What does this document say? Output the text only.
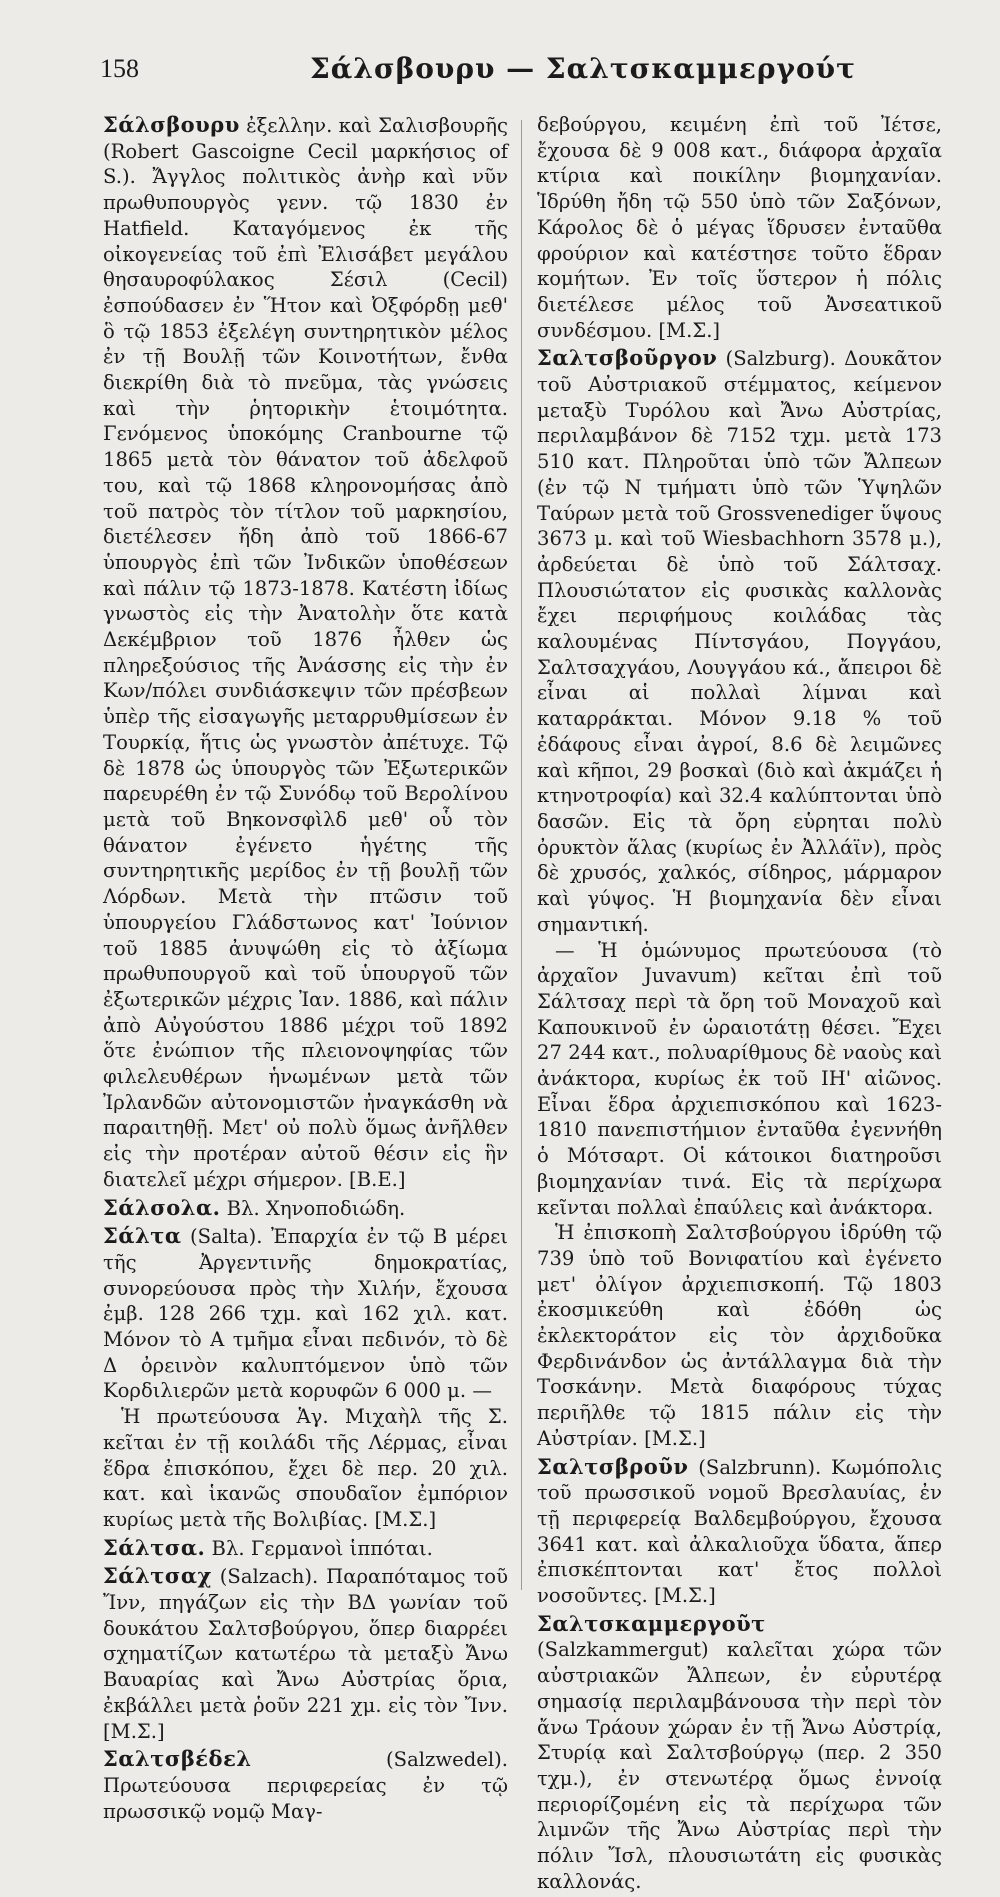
158	Σάλσβουρυ — Σαλτσκαμμεργούτ

Σάλσβουρυ ἐξελλην. καὶ Σαλισβουρῆς (Robert Gascoigne Cecil μαρκήσιος of S.). Ἄγγλος πολιτικὸς ἀνὴρ καὶ νῦν πρωθυπουργὸς γενν. τῷ 1830 ἐν Hatfield. Καταγόμενος ἐκ τῆς οἰκογενείας τοῦ ἐπὶ Ἐλισάβετ μεγάλου θησαυροφύλακος Σέσιλ (Cecil) ἐσπούδασεν ἐν Ἥτον καὶ Ὀξφόρδῃ μεθ' ὃ τῷ 1853 ἐξελέγη συντηρητικὸν μέλος ἐν τῇ Βουλῇ τῶν Κοινοτήτων, ἔνθα διεκρίθη διὰ τὸ πνεῦμα, τὰς γνώσεις καὶ τὴν ῥητορικὴν ἑτοιμότητα. Γενόμενος ὑποκόμης Cranbourne τῷ 1865 μετὰ τὸν θάνατον τοῦ ἀδελφοῦ του, καὶ τῷ 1868 κληρονομήσας ἀπὸ τοῦ πατρὸς τὸν τίτλον τοῦ μαρκησίου, διετέλεσεν ἤδη ἀπὸ τοῦ 1866-67 ὑπουργὸς ἐπὶ τῶν Ἰνδικῶν ὑποθέσεων καὶ πάλιν τῷ 1873-1878. Κατέστη ἰδίως γνωστὸς εἰς τὴν Ἀνατολὴν ὅτε κατὰ Δεκέμβριον τοῦ 1876 ἦλθεν ὡς πληρεξούσιος τῆς Ἀνάσσης εἰς τὴν ἐν Κων/πόλει συνδιάσκεψιν τῶν πρέσβεων ὑπὲρ τῆς εἰσαγωγῆς μεταρρυθμίσεων ἐν Τουρκίᾳ, ἥτις ὡς γνωστὸν ἀπέτυχε. Τῷ δὲ 1878 ὡς ὑπουργὸς τῶν Ἐξωτερικῶν παρευρέθη ἐν τῷ Συνόδῳ τοῦ Βερολίνου μετὰ τοῦ Βηκονσφὶλδ μεθ' οὗ τὸν θάνατον ἐγένετο ἡγέτης τῆς συντηρητικῆς μερίδος ἐν τῇ βουλῇ τῶν Λόρδων. Μετὰ τὴν πτῶσιν τοῦ ὑπουργείου Γλάδστωνος κατ' Ἰούνιον τοῦ 1885 ἀνυψώθη εἰς τὸ ἀξίωμα πρωθυπουργοῦ καὶ τοῦ ὑπουργοῦ τῶν ἐξωτερικῶν μέχρις Ἰαν. 1886, καὶ πάλιν ἀπὸ Αὐγούστου 1886 μέχρι τοῦ 1892 ὅτε ἐνώπιον τῆς πλειονοψηφίας τῶν φιλελευθέρων ἡνωμένων μετὰ τῶν Ἰρλανδῶν αὐτονομιστῶν ἠναγκάσθη νὰ παραιτηθῇ. Μετ' οὐ πολὺ ὅμως ἀνῆλθεν εἰς τὴν προτέραν αὐτοῦ θέσιν εἰς ἣν διατελεῖ μέχρι σήμερον. [Β.Ε.]

Σάλσολα. Βλ. Χηνοποδιώδη.

Σάλτα (Salta). Ἐπαρχία ἐν τῷ Β μέρει τῆς Ἀργεντινῆς δημοκρατίας, συνορεύουσα πρὸς τὴν Χιλήν, ἔχουσα ἐμβ. 128 266 τχμ. καὶ 162 χιλ. κατ. Μόνον τὸ Α τμῆμα εἶναι πεδινόν, τὸ δὲ Δ ὀρεινὸν καλυπτόμενον ὑπὸ τῶν Κορδιλιερῶν μετὰ κορυφῶν 6 000 μ. —

Ἡ πρωτεύουσα Ἁγ. Μιχαὴλ τῆς Σ. κεῖται ἐν τῇ κοιλάδι τῆς Λέρμας, εἶναι ἕδρα ἐπισκόπου, ἔχει δὲ περ. 20 χιλ. κατ. καὶ ἱκανῶς σπουδαῖον ἐμπόριον κυρίως μετὰ τῆς Βολιβίας. [Μ.Σ.]

Σάλτσα. Βλ. Γερμανοὶ ἱππόται.

Σάλτσαχ (Salzach). Παραπόταμος τοῦ Ἴνν, πηγάζων εἰς τὴν ΒΔ γωνίαν τοῦ δουκάτου Σαλτσβούργου, ὅπερ διαρρέει σχηματίζων κατωτέρω τὰ μεταξὺ Ἄνω Βαυαρίας καὶ Ἄνω Αὐστρίας ὅρια, ἐκβάλλει μετὰ ῥοῦν 221 χμ. εἰς τὸν Ἴνν. [Μ.Σ.]

Σαλτσβέδελ (Salzwedel). Πρωτεύουσα περιφερείας ἐν τῷ πρωσσικῷ νομῷ Μαγ-

δεβούργου, κειμένη ἐπὶ τοῦ Ἰέτσε, ἔχουσα δὲ 9 008 κατ., διάφορα ἀρχαῖα κτίρια καὶ ποικίλην βιομηχανίαν. Ἱδρύθη ἤδη τῷ 550 ὑπὸ τῶν Σαξόνων, Κάρολος δὲ ὁ μέγας ἵδρυσεν ἐνταῦθα φρούριον καὶ κατέστησε τοῦτο ἕδραν κομήτων. Ἐν τοῖς ὕστερον ἡ πόλις διετέλεσε μέλος τοῦ Ἀνσεατικοῦ συνδέσμου. [Μ.Σ.]

Σαλτσβοῦργον (Salzburg). Δουκᾶτον τοῦ Αὐστριακοῦ στέμματος, κείμενον μεταξὺ Τυρόλου καὶ Ἄνω Αὐστρίας, περιλαμβάνον δὲ 7152 τχμ. μετὰ 173 510 κατ. Πληροῦται ὑπὸ τῶν Ἄλπεων (ἐν τῷ Ν τμήματι ὑπὸ τῶν Ὑψηλῶν Ταύρων μετὰ τοῦ Grossvenediger ὕψους 3673 μ. καὶ τοῦ Wiesbachhorn 3578 μ.), ἀρδεύεται δὲ ὑπὸ τοῦ Σάλτσαχ. Πλουσιώτατον εἰς φυσικὰς καλλονὰς ἔχει περιφήμους κοιλάδας τὰς καλουμένας Πίντσγάου, Πογγάου, Σαλτσαχγάου, Λουγγάου κά., ἄπειροι δὲ εἶναι αἱ πολλαὶ λίμναι καὶ καταρράκται. Μόνον 9.18 % τοῦ ἐδάφους εἶναι ἀγροί, 8.6 δὲ λειμῶνες καὶ κῆποι, 29 βοσκαὶ (διὸ καὶ ἀκμάζει ἡ κτηνοτροφία) καὶ 32.4 καλύπτονται ὑπὸ δασῶν. Εἰς τὰ ὄρη εὑρηται πολὺ ὀρυκτὸν ἅλας (κυρίως ἐν Ἀλλάϊν), πρὸς δὲ χρυσός, χαλκός, σίδηρος, μάρμαρον καὶ γύψος. Ἡ βιομηχανία δὲν εἶναι σημαντική.

— Ἡ ὁμώνυμος πρωτεύουσα (τὸ ἀρχαῖον Juvavum) κεῖται ἐπὶ τοῦ Σάλτσαχ περὶ τὰ ὄρη τοῦ Μοναχοῦ καὶ Καπουκινοῦ ἐν ὡραιοτάτῃ θέσει. Ἔχει 27 244 κατ., πολυαρίθμους δὲ ναοὺς καὶ ἀνάκτορα, κυρίως ἐκ τοῦ ΙΗ' αἰῶνος. Εἶναι ἕδρα ἀρχιεπισκόπου καὶ 1623-1810 πανεπιστήμιον ἐνταῦθα ἐγεννήθη ὁ Μότσαρτ. Οἱ κάτοικοι διατηροῦσι βιομηχανίαν τινά. Εἰς τὰ περίχωρα κεῖνται πολλαὶ ἐπαύλεις καὶ ἀνάκτορα.

Ἡ ἐπισκοπὴ Σαλτσβούργου ἱδρύθη τῷ 739 ὑπὸ τοῦ Βονιφατίου καὶ ἐγένετο μετ' ὀλίγον ἀρχιεπισκοπή. Τῷ 1803 ἐκοσμικεύθη καὶ ἐδόθη ὡς ἐκλεκτοράτον εἰς τὸν ἀρχιδοῦκα Φερδινάνδον ὡς ἀντάλλαγμα διὰ τὴν Τοσκάνην. Μετὰ διαφόρους τύχας περιῆλθε τῷ 1815 πάλιν εἰς τὴν Αὐστρίαν. [Μ.Σ.]

Σαλτσβροῦν (Salzbrunn). Κωμόπολις τοῦ πρωσσικοῦ νομοῦ Βρεσλαυίας, ἐν τῇ περιφερείᾳ Βαλδεμβούργου, ἔχουσα 3641 κατ. καὶ ἀλκαλιοῦχα ὕδατα, ἅπερ ἐπισκέπτονται κατ' ἔτος πολλοὶ νοσοῦντες. [Μ.Σ.]

Σαλτσκαμμεργοῦτ (Salzkammergut) καλεῖται χώρα τῶν αὐστριακῶν Ἄλπεων, ἐν εὐρυτέρᾳ σημασίᾳ περιλαμβάνουσα τὴν περὶ τὸν ἄνω Τράουν χώραν ἐν τῇ Ἄνω Αὐστρίᾳ, Στυρίᾳ καὶ Σαλτσβούργῳ (περ. 2 350 τχμ.), ἐν στενωτέρᾳ ὅμως ἐννοίᾳ περιορίζομένη εἰς τὰ περίχωρα τῶν λιμνῶν τῆς Ἄνω Αὐστρίας περὶ τὴν πόλιν Ἴσλ, πλουσιωτάτη εἰς φυσικὰς καλλονάς.
